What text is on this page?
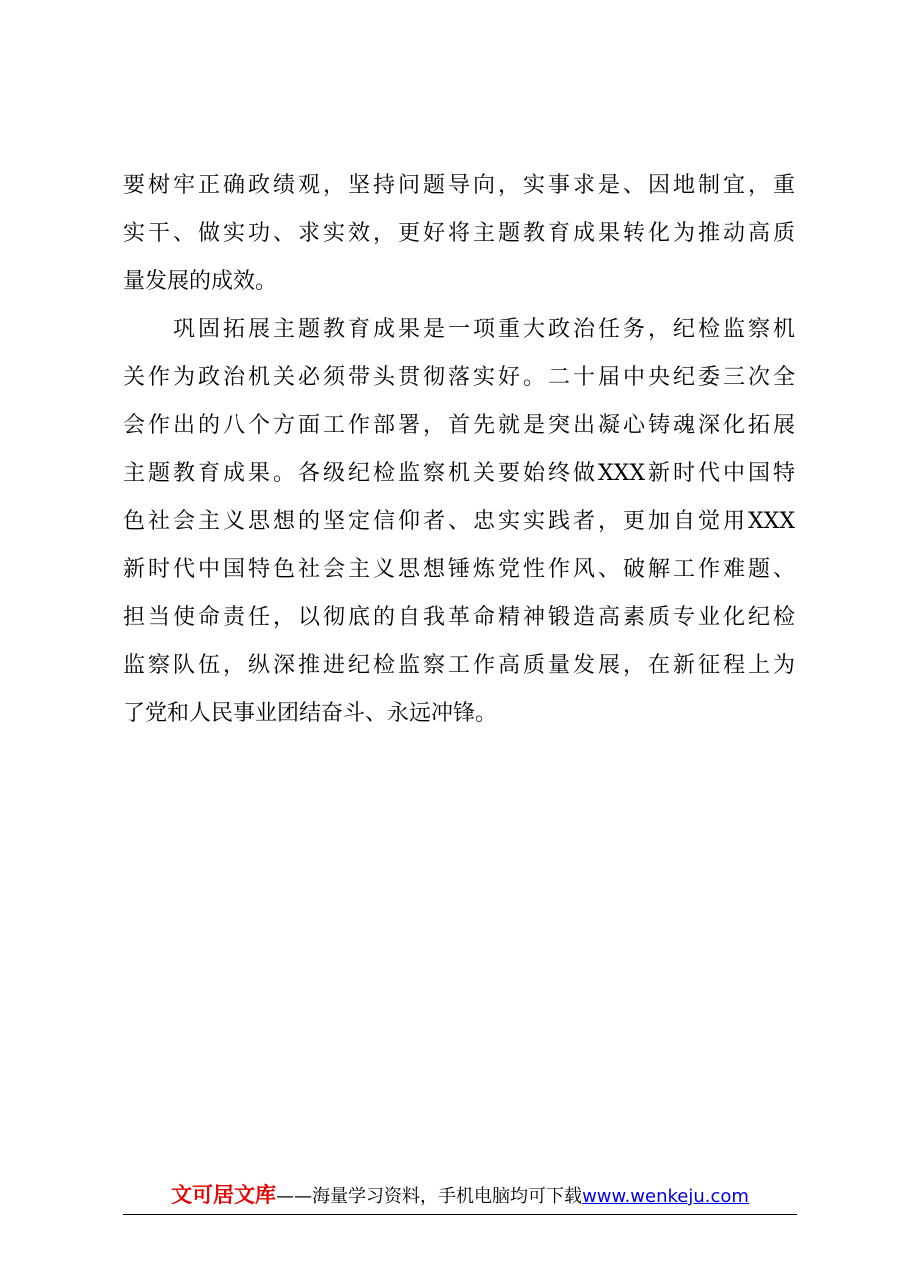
要树牢正确政绩观，坚持问题导向，实事求是、因地制宜，重
实干、做实功、求实效，更好将主题教育成果转化为推动高质
量发展的成效。
　　巩固拓展主题教育成果是一项重大政治任务，纪检监察机
关作为政治机关必须带头贯彻落实好。二十届中央纪委三次全
会作出的八个方面工作部署，首先就是突出凝心铸魂深化拓展
主题教育成果。各级纪检监察机关要始终做XXX新时代中国特
色社会主义思想的坚定信仰者、忠实实践者，更加自觉用XXX
新时代中国特色社会主义思想锤炼党性作风、破解工作难题、
担当使命责任，以彻底的自我革命精神锻造高素质专业化纪检
监察队伍，纵深推进纪检监察工作高质量发展，在新征程上为
了党和人民事业团结奋斗、永远冲锋。
文可居文库——海量学习资料，手机电脑均可下载www.wenkeju.com
